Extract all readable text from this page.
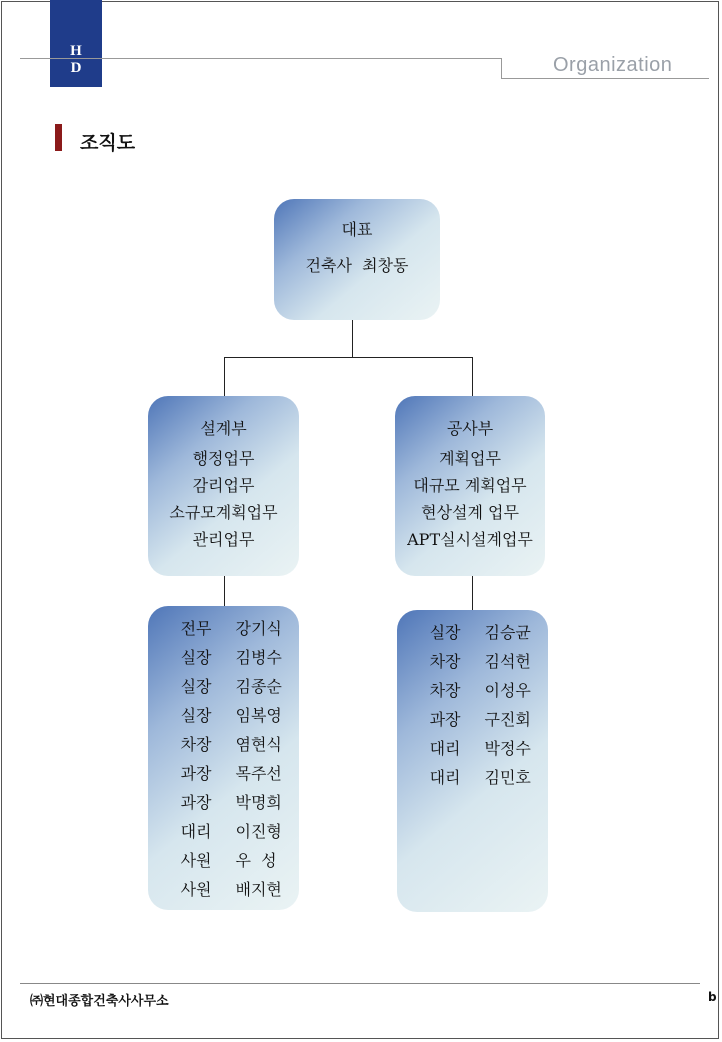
H
D	Organization
조직도
대표
건축사  최창동
설계부
행정업무
감리업무
소규모계획업무
관리업무
공사부
계획업무
대규모 계획업무
현상설계 업무
APT실시설계업무
전무	강기식
실장	김병수
실장	김종순
실장	임복영
차장	염현식
과장	목주선
과장	박명희
대리	이진형
사원	우  성
사원	배지현
실장	김승균
차장	김석헌
차장	이성우
과장	구진회
대리	박정수
대리	김민호
㈜현대종합건축사사무소	b
